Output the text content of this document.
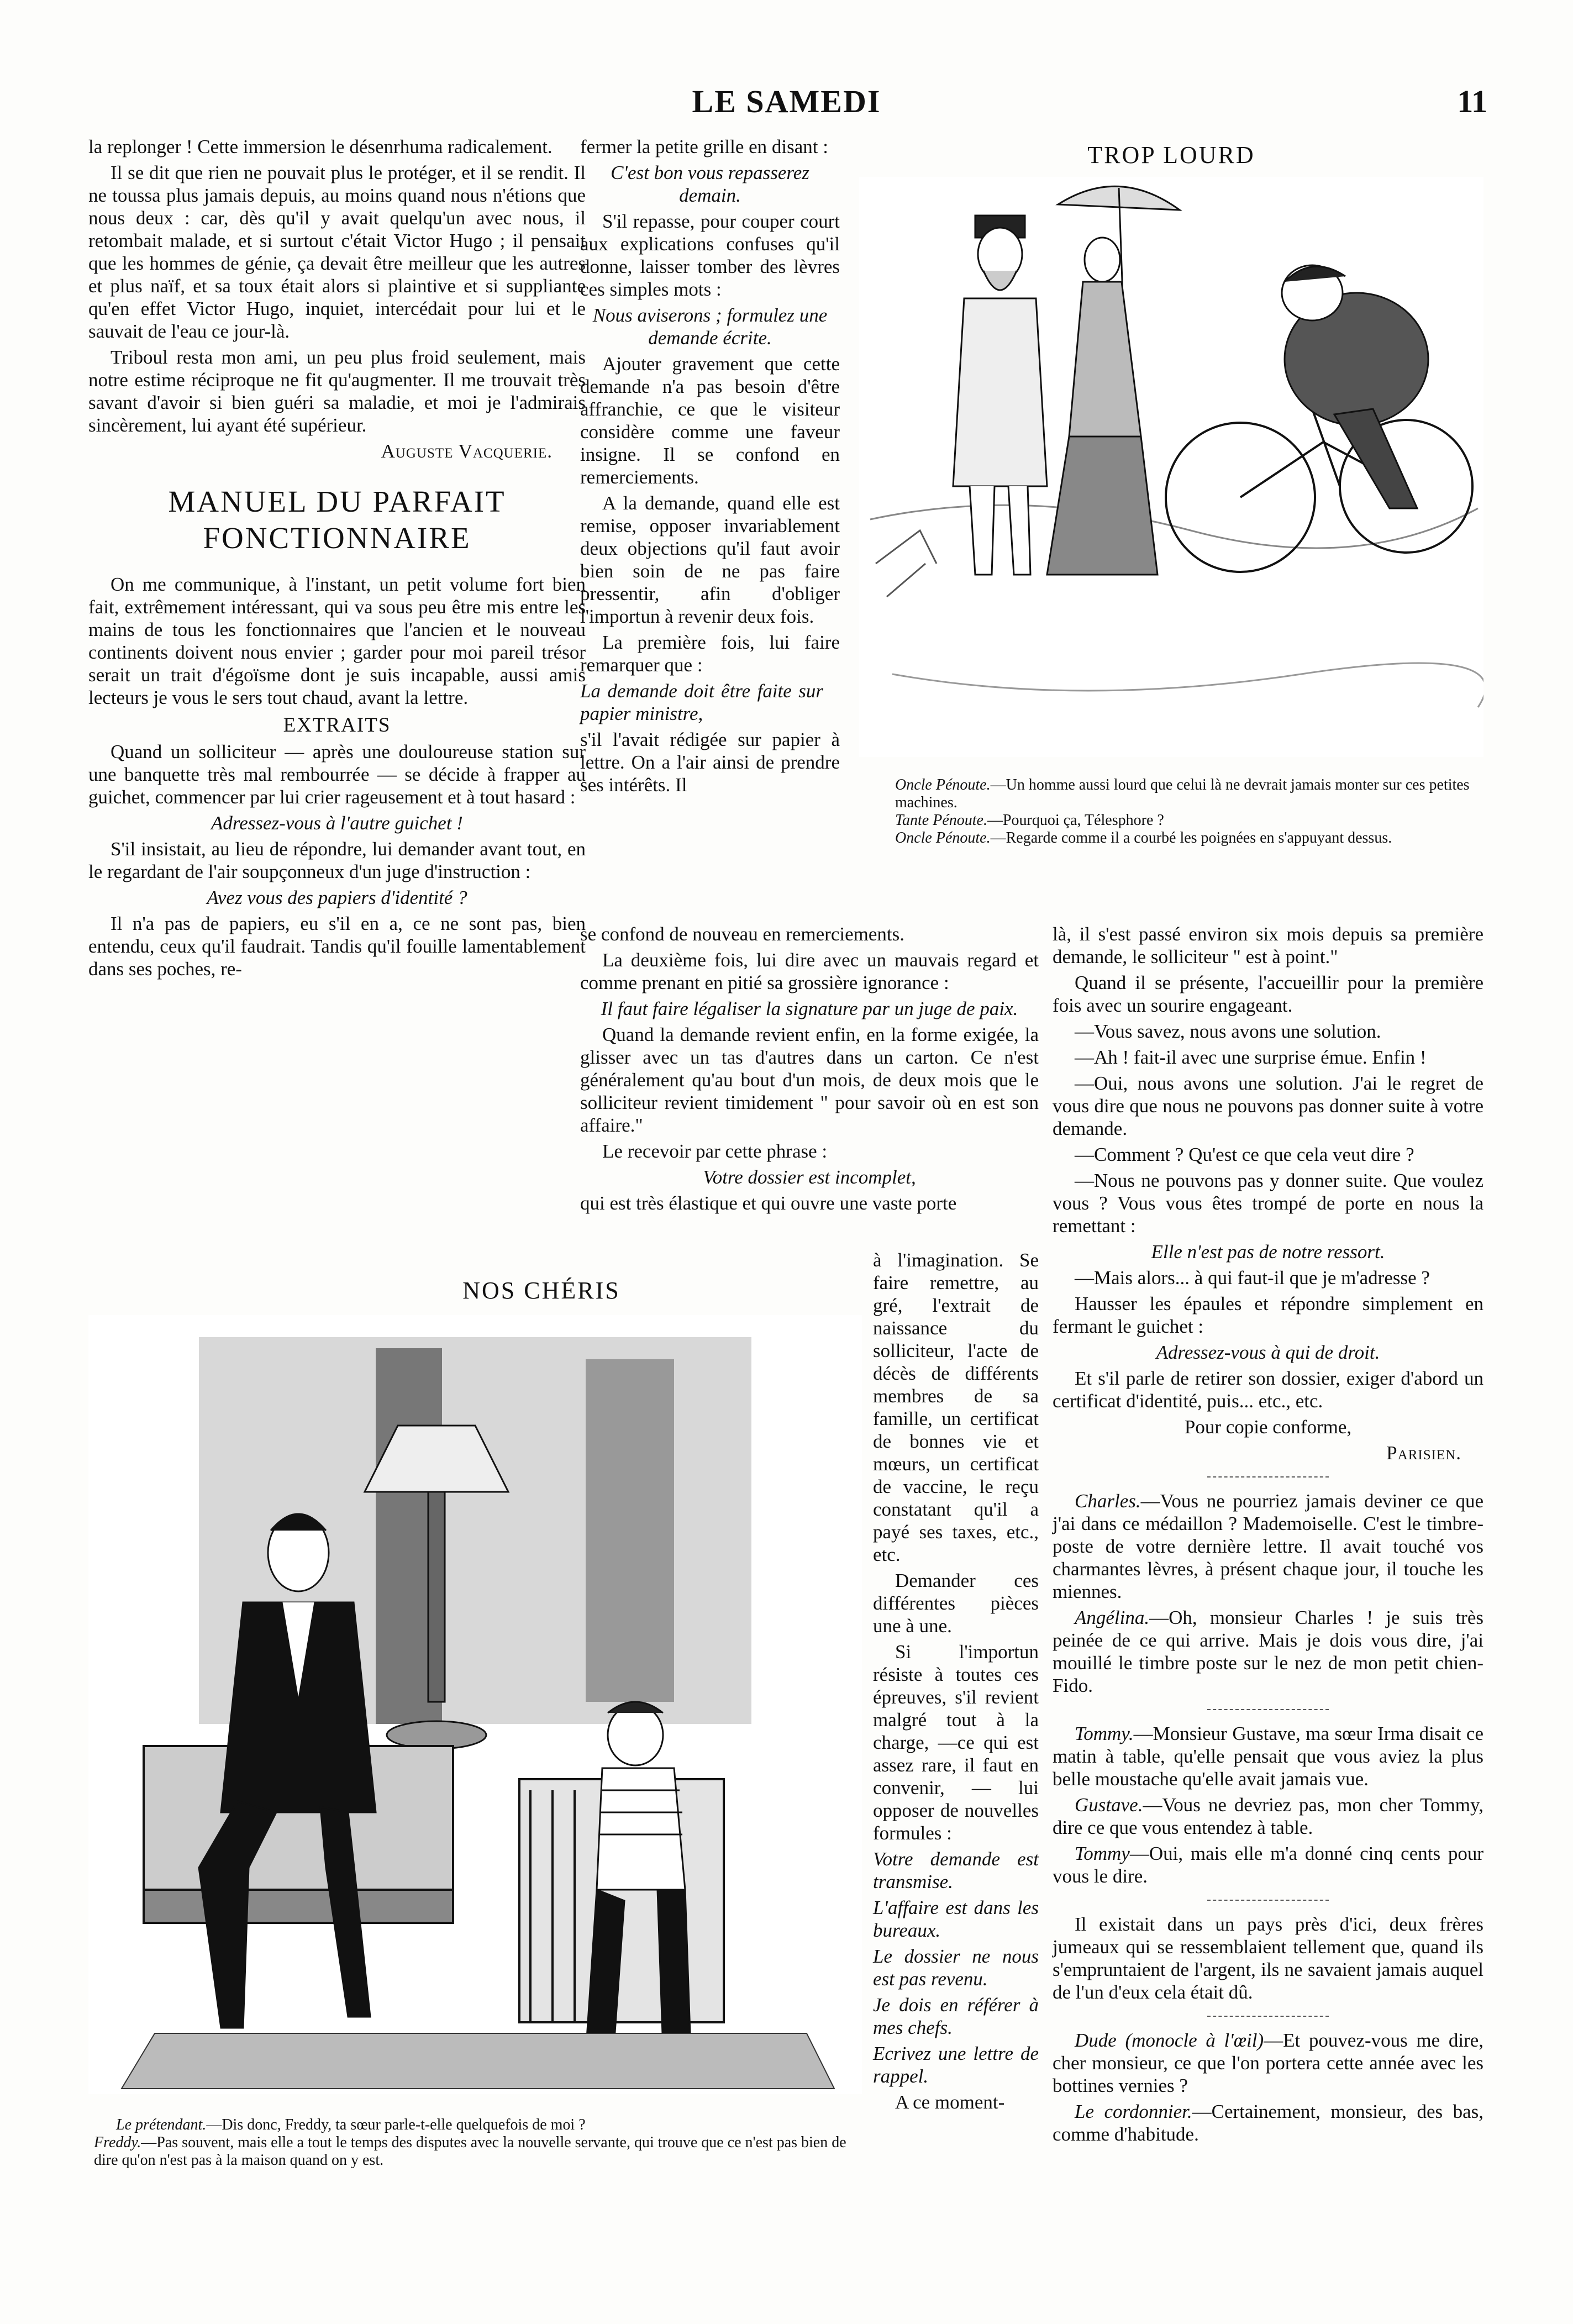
LE SAMEDI	11

la replonger ! Cette immersion le désenrhuma radicalement.

Il se dit que rien ne pouvait plus le protéger, et il se rendit. Il ne toussa plus jamais depuis, au moins quand nous n'étions que nous deux : car, dès qu'il y avait quelqu'un avec nous, il retombait malade, et si surtout c'était Victor Hugo ; il pensait que les hommes de génie, ça devait être meilleur que les autres et plus naïf, et sa toux était alors si plaintive et si suppliante qu'en effet Victor Hugo, inquiet, intercédait pour lui et le sauvait de l'eau ce jour-là.

Triboul resta mon ami, un peu plus froid seulement, mais notre estime réciproque ne fit qu'augmenter. Il me trouvait très savant d'avoir si bien guéri sa maladie, et moi je l'admirais sincèrement, lui ayant été supérieur.

Auguste Vacquerie.

MANUEL DU PARFAIT
FONCTIONNAIRE

On me communique, à l'instant, un petit volume fort bien fait, extrêmement intéressant, qui va sous peu être mis entre les mains de tous les fonctionnaires que l'ancien et le nouveau continents doivent nous envier ; garder pour moi pareil trésor serait un trait d'égoïsme dont je suis incapable, aussi amis lecteurs je vous le sers tout chaud, avant la lettre.

EXTRAITS

Quand un solliciteur — après une douloureuse station sur une banquette très mal rembourrée — se décide à frapper au guichet, commencer par lui crier rageusement et à tout hasard :

Adressez-vous à l'autre guichet !

S'il insistait, au lieu de répondre, lui demander avant tout, en le regardant de l'air soupçonneux d'un juge d'instruction :

Avez vous des papiers d'identité ?

Il n'a pas de papiers, eu s'il en a, ce ne sont pas, bien entendu, ceux qu'il faudrait. Tandis qu'il fouille lamentablement dans ses poches, re-

fermer la petite grille en disant :

C'est bon vous repasserez demain.

S'il repasse, pour couper court aux explications confuses qu'il donne, laisser tomber des lèvres ces simples mots :

Nous aviserons ; formulez une demande écrite.

Ajouter gravement que cette demande n'a pas besoin d'être affranchie, ce que le visiteur considère comme une faveur insigne. Il se confond en remerciements.

A la demande, quand elle est remise, opposer invariablement deux objections qu'il faut avoir bien soin de ne pas faire pressentir, afin d'obliger l'importun à revenir deux fois.

La première fois, lui faire remarquer que :

La demande doit être faite sur papier ministre,

s'il l'avait rédigée sur papier à lettre. On a l'air ainsi de prendre ses intérêts. Il

TROP LOURD
Oncle Pénoute.—Un homme aussi lourd que celui là ne devrait jamais monter sur ces petites machines.
Tante Pénoute.—Pourquoi ça, Télesphore ?
Oncle Pénoute.—Regarde comme il a courbé les poignées en s'appuyant dessus.

se confond de nouveau en remerciements.

La deuxième fois, lui dire avec un mauvais regard et comme prenant en pitié sa grossière ignorance :

Il faut faire légaliser la signature par un juge de paix.

Quand la demande revient enfin, en la forme exigée, la glisser avec un tas d'autres dans un carton. Ce n'est généralement qu'au bout d'un mois, de deux mois que le solliciteur revient timidement " pour savoir où en est son affaire."

Le recevoir par cette phrase :

Votre dossier est incomplet,

qui est très élastique et qui ouvre une vaste porte

NOS CHÉRIS
Le prétendant.—Dis donc, Freddy, ta sœur parle-t-elle quelquefois de moi ?
Freddy.—Pas souvent, mais elle a tout le temps des disputes avec la nouvelle servante, qui trouve que ce n'est pas bien de dire qu'on n'est pas à la maison quand on y est.

à l'imagination. Se faire remettre, au gré, l'extrait de naissance du solliciteur, l'acte de décès de différents membres de sa famille, un certificat de bonnes vie et mœurs, un certificat de vaccine, le reçu constatant qu'il a payé ses taxes, etc., etc.

Demander ces différentes pièces une à une.

Si l'importun résiste à toutes ces épreuves, s'il revient malgré tout à la charge, —ce qui est assez rare, il faut en convenir, — lui opposer de nouvelles formules :

Votre demande est transmise.

L'affaire est dans les bureaux.

Le dossier ne nous est pas revenu.

Je dois en référer à mes chefs.

Ecrivez une lettre de rappel.

A ce moment-

là, il s'est passé environ six mois depuis sa première demande, le solliciteur " est à point."

Quand il se présente, l'accueillir pour la première fois avec un sourire engageant.

—Vous savez, nous avons une solution.

—Ah ! fait-il avec une surprise émue. Enfin !

—Oui, nous avons une solution. J'ai le regret de vous dire que nous ne pouvons pas donner suite à votre demande.

—Comment ? Qu'est ce que cela veut dire ?

—Nous ne pouvons pas y donner suite. Que voulez vous ? Vous vous êtes trompé de porte en nous la remettant :

Elle n'est pas de notre ressort.

—Mais alors... à qui faut-il que je m'adresse ?

Hausser les épaules et répondre simplement en fermant le guichet :

Adressez-vous à qui de droit.

Et s'il parle de retirer son dossier, exiger d'abord un certificat d'identité, puis... etc., etc.

Pour copie conforme,

Parisien.

Charles.—Vous ne pourriez jamais deviner ce que j'ai dans ce médaillon ? Mademoiselle. C'est le timbre-poste de votre dernière lettre. Il avait touché vos charmantes lèvres, à présent chaque jour, il touche les miennes.

Angélina.—Oh, monsieur Charles ! je suis très peinée de ce qui arrive. Mais je dois vous dire, j'ai mouillé le timbre poste sur le nez de mon petit chien-Fido.

Tommy.—Monsieur Gustave, ma sœur Irma disait ce matin à table, qu'elle pensait que vous aviez la plus belle moustache qu'elle avait jamais vue.

Gustave.—Vous ne devriez pas, mon cher Tommy, dire ce que vous entendez à table.

Tommy—Oui, mais elle m'a donné cinq cents pour vous le dire.

Il existait dans un pays près d'ici, deux frères jumeaux qui se ressemblaient tellement que, quand ils s'empruntaient de l'argent, ils ne savaient jamais auquel de l'un d'eux cela était dû.

Dude (monocle à l'œil)—Et pouvez-vous me dire, cher monsieur, ce que l'on portera cette année avec les bottines vernies ?

Le cordonnier.—Certainement, monsieur, des bas, comme d'habitude.
